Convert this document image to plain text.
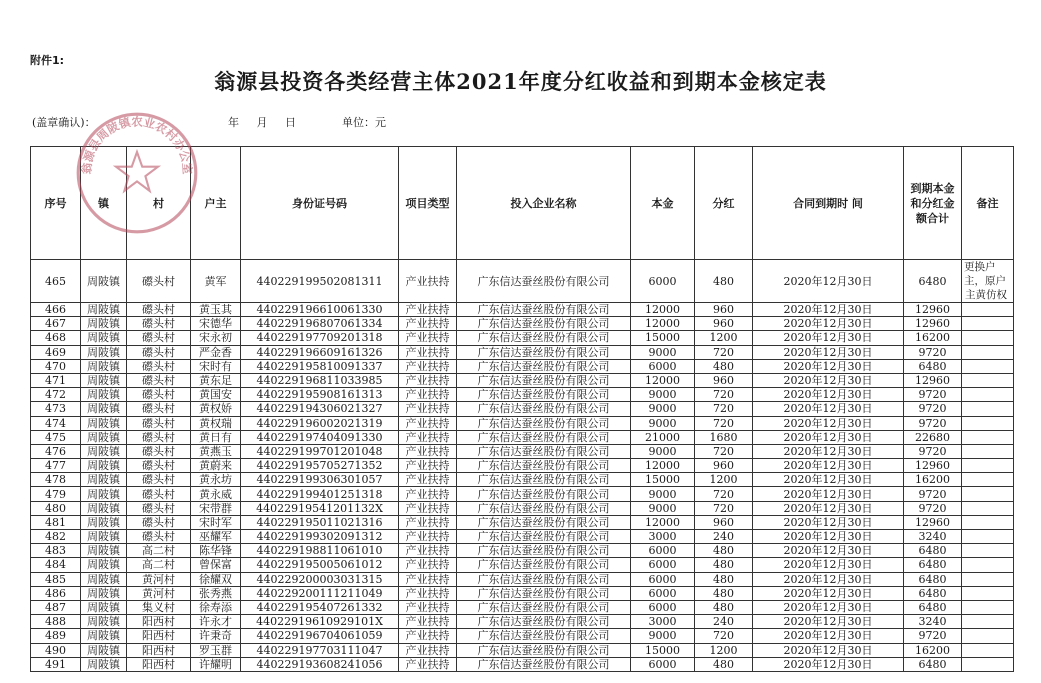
附件1:
翁源县投资各类经营主体2021年度分红收益和到期本金核定表
(盖章确认)：	年 月 日	单位：元
序号	镇	村	户主	身份证号码	项目类型	投入企业名称	本金	分红	合同到期时 间	到期本金和分红金额合计	备注
465	周陂镇	礤头村	黄军	440229199502081311	产业扶持	广东信达蚕丝股份有限公司	6000	480	2020年12月30日	6480	更换户主，原户
主黄仿权

466	周陂镇	礤头村	黄玉其	440229196610061330	产业扶持	广东信达蚕丝股份有限公司	12000	960	2020年12月30日	12960	
467	周陂镇	礤头村	宋德华	440229196807061334	产业扶持	广东信达蚕丝股份有限公司	12000	960	2020年12月30日	12960	
468	周陂镇	礤头村	宋永初	440229197709201318	产业扶持	广东信达蚕丝股份有限公司	15000	1200	2020年12月30日	16200	
469	周陂镇	礤头村	严金香	440229196609161326	产业扶持	广东信达蚕丝股份有限公司	9000	720	2020年12月30日	9720	
470	周陂镇	礤头村	宋时有	440229195810091337	产业扶持	广东信达蚕丝股份有限公司	6000	480	2020年12月30日	6480	
471	周陂镇	礤头村	黄东足	440229196811033985	产业扶持	广东信达蚕丝股份有限公司	12000	960	2020年12月30日	12960	
472	周陂镇	礤头村	黄国安	440229195908161313	产业扶持	广东信达蚕丝股份有限公司	9000	720	2020年12月30日	9720	
473	周陂镇	礤头村	黄权娇	440229194306021327	产业扶持	广东信达蚕丝股份有限公司	9000	720	2020年12月30日	9720	
474	周陂镇	礤头村	黄权瑞	440229196002021319	产业扶持	广东信达蚕丝股份有限公司	9000	720	2020年12月30日	9720	
475	周陂镇	礤头村	黄日有	440229197404091330	产业扶持	广东信达蚕丝股份有限公司	21000	1680	2020年12月30日	22680	
476	周陂镇	礤头村	黄燕玉	440229199701201048	产业扶持	广东信达蚕丝股份有限公司	9000	720	2020年12月30日	9720	
477	周陂镇	礤头村	黄蔚来	440229195705271352	产业扶持	广东信达蚕丝股份有限公司	12000	960	2020年12月30日	12960	
478	周陂镇	礤头村	黄永坊	440229199306301057	产业扶持	广东信达蚕丝股份有限公司	15000	1200	2020年12月30日	16200	
479	周陂镇	礤头村	黄永威	440229199401251318	产业扶持	广东信达蚕丝股份有限公司	9000	720	2020年12月30日	9720	
480	周陂镇	礤头村	宋带群	44022919541201132X	产业扶持	广东信达蚕丝股份有限公司	9000	720	2020年12月30日	9720	
481	周陂镇	礤头村	宋时军	440229195011021316	产业扶持	广东信达蚕丝股份有限公司	12000	960	2020年12月30日	12960	
482	周陂镇	礤头村	巫耀军	440229199302091312	产业扶持	广东信达蚕丝股份有限公司	3000	240	2020年12月30日	3240	
483	周陂镇	高二村	陈华锋	440229198811061010	产业扶持	广东信达蚕丝股份有限公司	6000	480	2020年12月30日	6480	
484	周陂镇	高二村	曾保富	440229195005061012	产业扶持	广东信达蚕丝股份有限公司	6000	480	2020年12月30日	6480	
485	周陂镇	黄河村	徐耀双	440229200003031315	产业扶持	广东信达蚕丝股份有限公司	6000	480	2020年12月30日	6480	
486	周陂镇	黄河村	张秀燕	440229200111211049	产业扶持	广东信达蚕丝股份有限公司	6000	480	2020年12月30日	6480	
487	周陂镇	集义村	徐寿添	440229195407261332	产业扶持	广东信达蚕丝股份有限公司	6000	480	2020年12月30日	6480	
488	周陂镇	阳西村	许永才	44022919610929101X	产业扶持	广东信达蚕丝股份有限公司	3000	240	2020年12月30日	3240	
489	周陂镇	阳西村	许秉奇	440229196704061059	产业扶持	广东信达蚕丝股份有限公司	9000	720	2020年12月30日	9720	
490	周陂镇	阳西村	罗玉群	440229197703111047	产业扶持	广东信达蚕丝股份有限公司	15000	1200	2020年12月30日	16200	
491	周陂镇	阳西村	许耀明	440229193608241056	产业扶持	广东信达蚕丝股份有限公司	6000	480	2020年12月30日	6480	
翁源县周陂镇农业农村办公室
